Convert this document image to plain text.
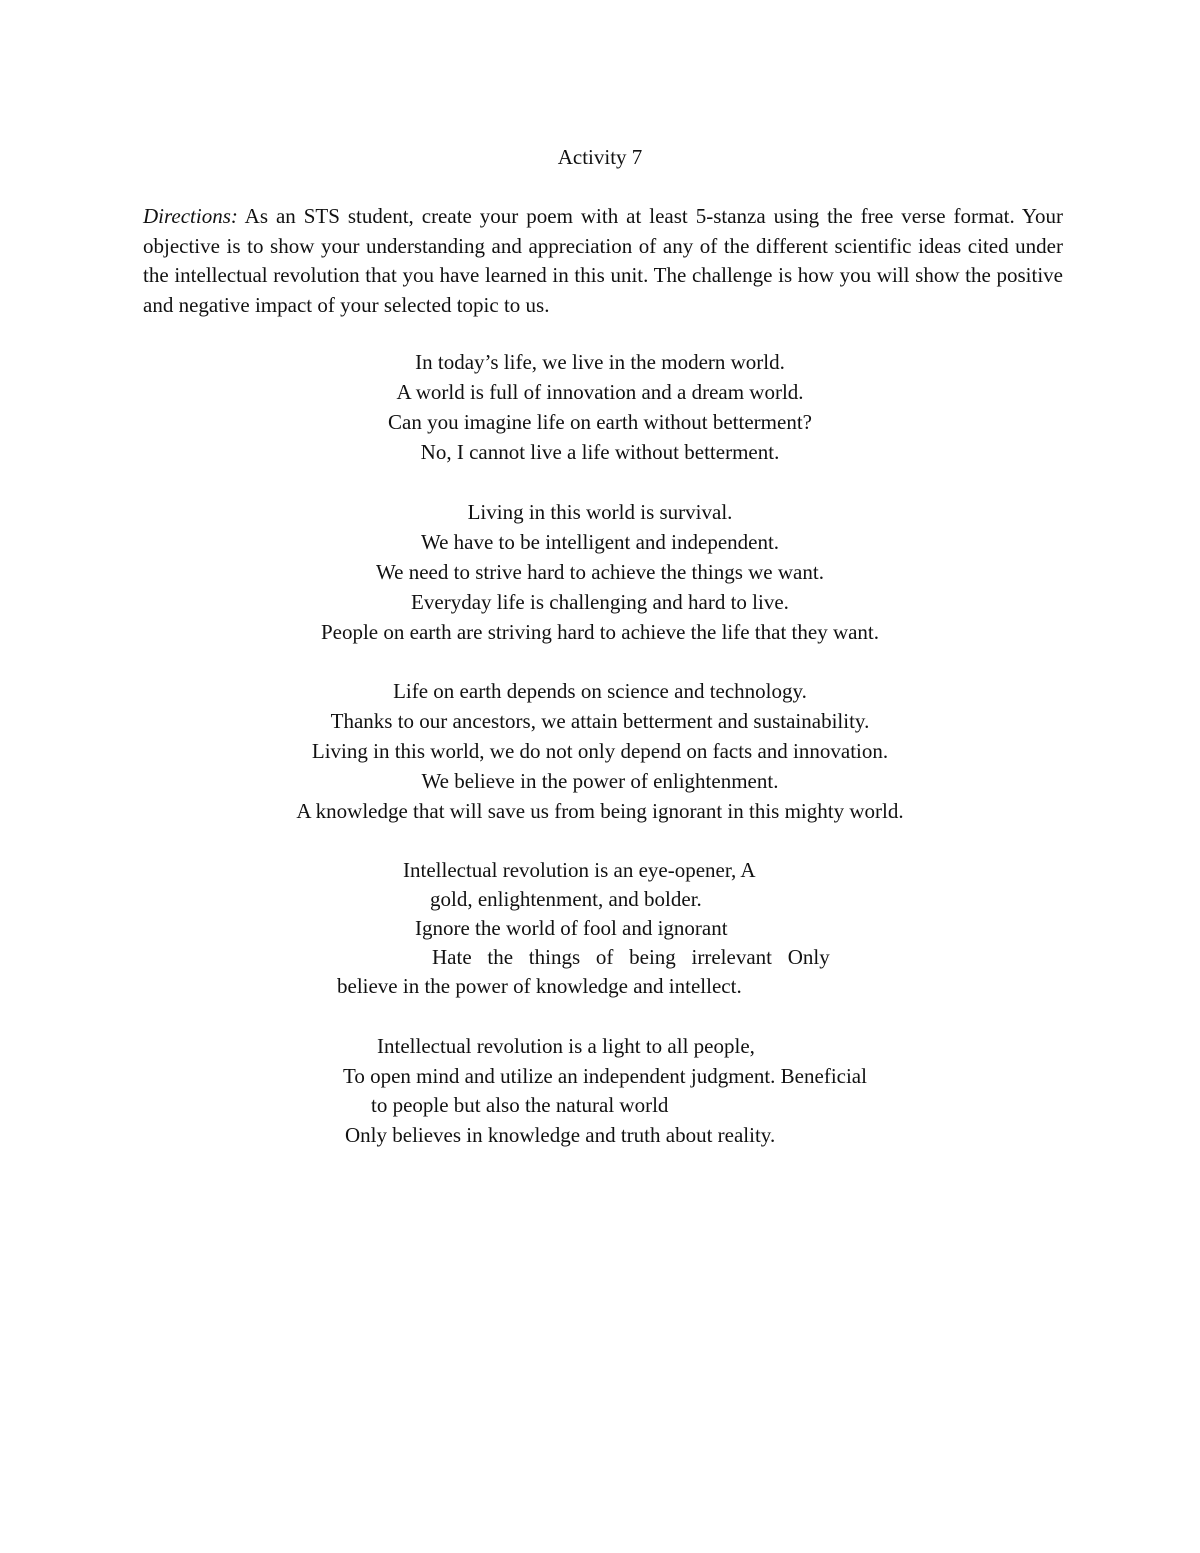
Activity 7
Directions: As an STS student, create your poem with at least 5-stanza using the free verse format. Your objective is to show your understanding and appreciation of any of the different scientific ideas cited under the intellectual revolution that you have learned in this unit. The challenge is how you will show the positive and negative impact of your selected topic to us.
In today’s life, we live in the modern world.
A world is full of innovation and a dream world.
Can you imagine life on earth without betterment?
No, I cannot live a life without betterment.
Living in this world is survival.
We have to be intelligent and independent.
We need to strive hard to achieve the things we want.
Everyday life is challenging and hard to live.
People on earth are striving hard to achieve the life that they want.
Life on earth depends on science and technology.
Thanks to our ancestors, we attain betterment and sustainability.
Living in this world, we do not only depend on facts and innovation.
We believe in the power of enlightenment.
A knowledge that will save us from being ignorant in this mighty world.
Intellectual revolution is an eye-opener, A
gold, enlightenment, and bolder.
Ignore the world of fool and ignorant
Hate   the   things   of   being   irrelevant   Only
believe in the power of knowledge and intellect.
Intellectual revolution is a light to all people,
To open mind and utilize an independent judgment. Beneficial
to people but also the natural world
Only believes in knowledge and truth about reality.
